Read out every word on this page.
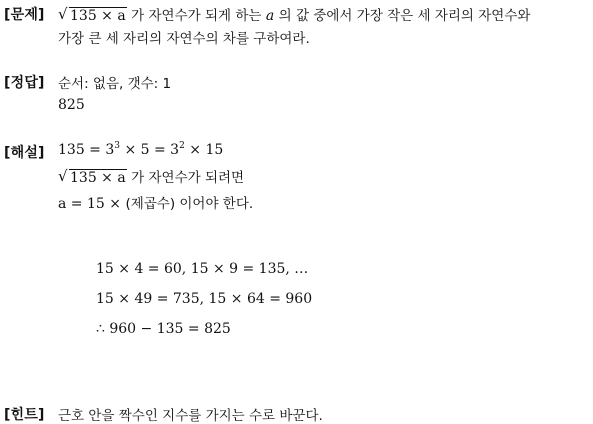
[문제] √ 135 × a 가 자연수가 되게 하는 a 의 값 중에서 가장 작은 세 자리의 자연수와
가장 큰 세 자리의 자연수의 차를 구하여라.
[정답] 순서: 없음, 갯수: 1
825
[해설] $135 = 3^3 \times 5 = 3^2 \times 15$
√ 135 × a 가 자연수가 되려면
a = 15 × (제곱수) 이어야 한다.
15 × 4 = 60, 15 × 9 = 135, …
15 × 49 = 735, 15 × 64 = 960
∴ 960 − 135 = 825
[힌트] 근호 안을 짝수인 지수를 가지는 수로 바꾼다.
